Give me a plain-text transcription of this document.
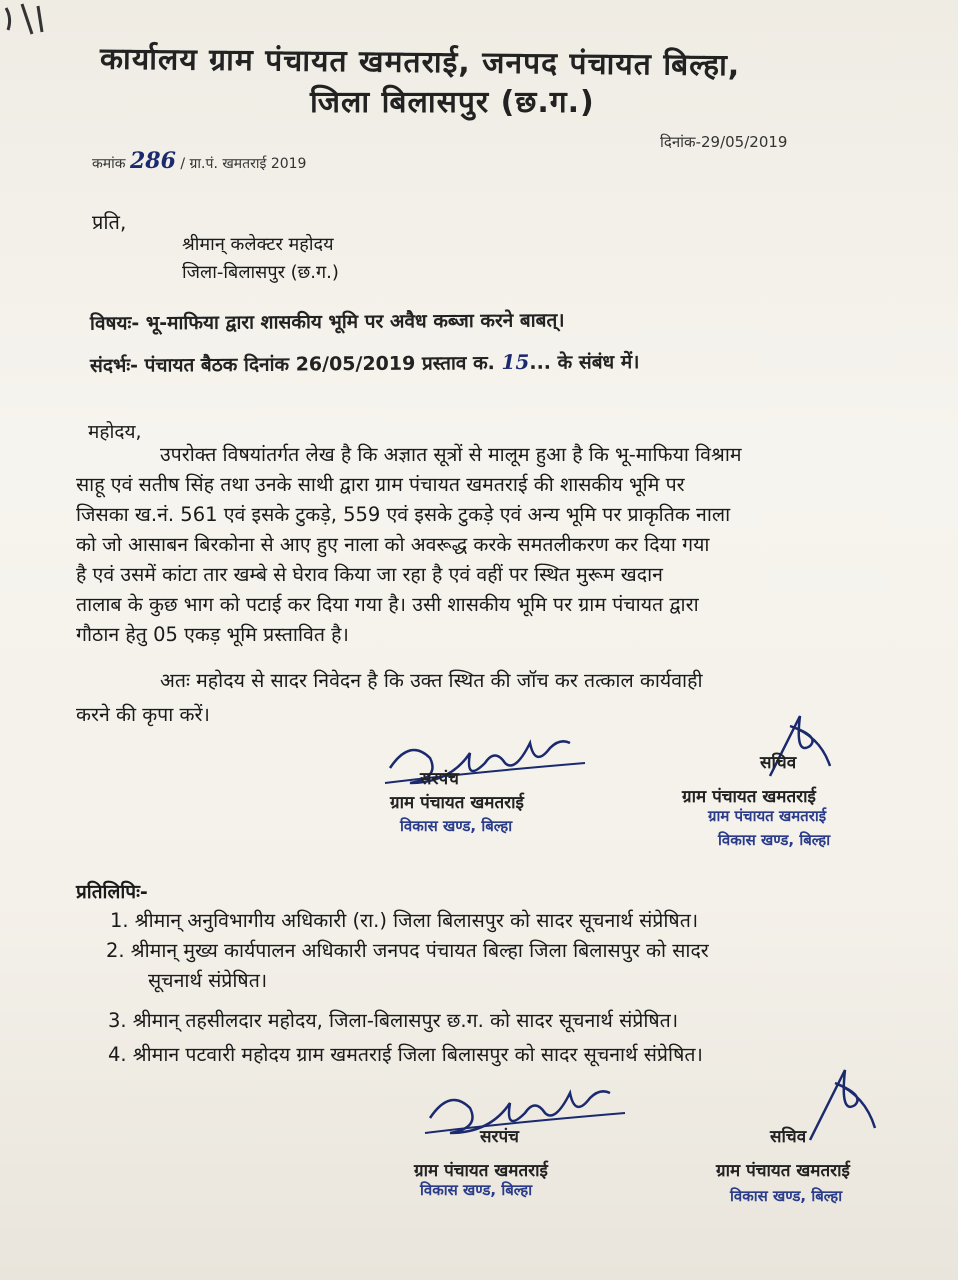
कार्यालय ग्राम पंचायत खमतराई, जनपद पंचायत बिल्हा,
जिला बिलासपुर (छ.ग.)
दिनांक-29/05/2019
कमांक 286 / ग्रा.पं. खमतराई 2019
प्रति,
श्रीमान् कलेक्टर महोदय
जिला-बिलासपुर (छ.ग.)
विषयः- भू-माफिया द्वारा शासकीय भूमि पर अवैध कब्जा करने बाबत्।
संदर्भः- पंचायत बैठक दिनांक 26/05/2019 प्रस्ताव क. 15... के संबंध में।
महोदय,
उपरोक्त विषयांतर्गत लेख है कि अज्ञात सूत्रों से मालूम हुआ है कि भू-माफिया विश्राम
साहू एवं सतीष सिंह तथा उनके साथी द्वारा ग्राम पंचायत खमतराई की शासकीय भूमि पर
जिसका ख.नं. 561 एवं इसके टुकड़े, 559 एवं इसके टुकड़े एवं अन्य भूमि पर प्राकृतिक नाला
को जो आसाबन बिरकोना से आए हुए नाला को अवरूद्ध करके समतलीकरण कर दिया गया
है एवं उसमें कांटा तार खम्बे से घेराव किया जा रहा है एवं वहीं पर स्थित मुरूम खदान
तालाब के कुछ भाग को पटाई कर दिया गया है। उसी शासकीय भूमि पर ग्राम पंचायत द्वारा
गौठान हेतु 05 एकड़ भूमि प्रस्तावित है।
अतः महोदय से सादर निवेदन है कि उक्त स्थित की जॉच कर तत्काल कार्यवाही
करने की कृपा करें।
सरपंच
ग्राम पंचायत खमतराई
विकास खण्ड, बिल्हा
सचिव
ग्राम पंचायत खमतराई
ग्राम पंचायत खमतराई
विकास खण्ड, बिल्हा
प्रतिलिपिः-
1. श्रीमान् अनुविभागीय अधिकारी (रा.) जिला बिलासपुर को सादर सूचनार्थ संप्रेषित।
2. श्रीमान् मुख्य कार्यपालन अधिकारी जनपद पंचायत बिल्हा जिला बिलासपुर को सादर
सूचनार्थ संप्रेषित।
3. श्रीमान् तहसीलदार महोदय, जिला-बिलासपुर छ.ग. को सादर सूचनार्थ संप्रेषित।
4. श्रीमान पटवारी महोदय ग्राम खमतराई जिला बिलासपुर को सादर सूचनार्थ संप्रेषित।
सरपंच
ग्राम पंचायत खमतराई
विकास खण्ड, बिल्हा
सचिव
ग्राम पंचायत खमतराई
विकास खण्ड, बिल्हा
